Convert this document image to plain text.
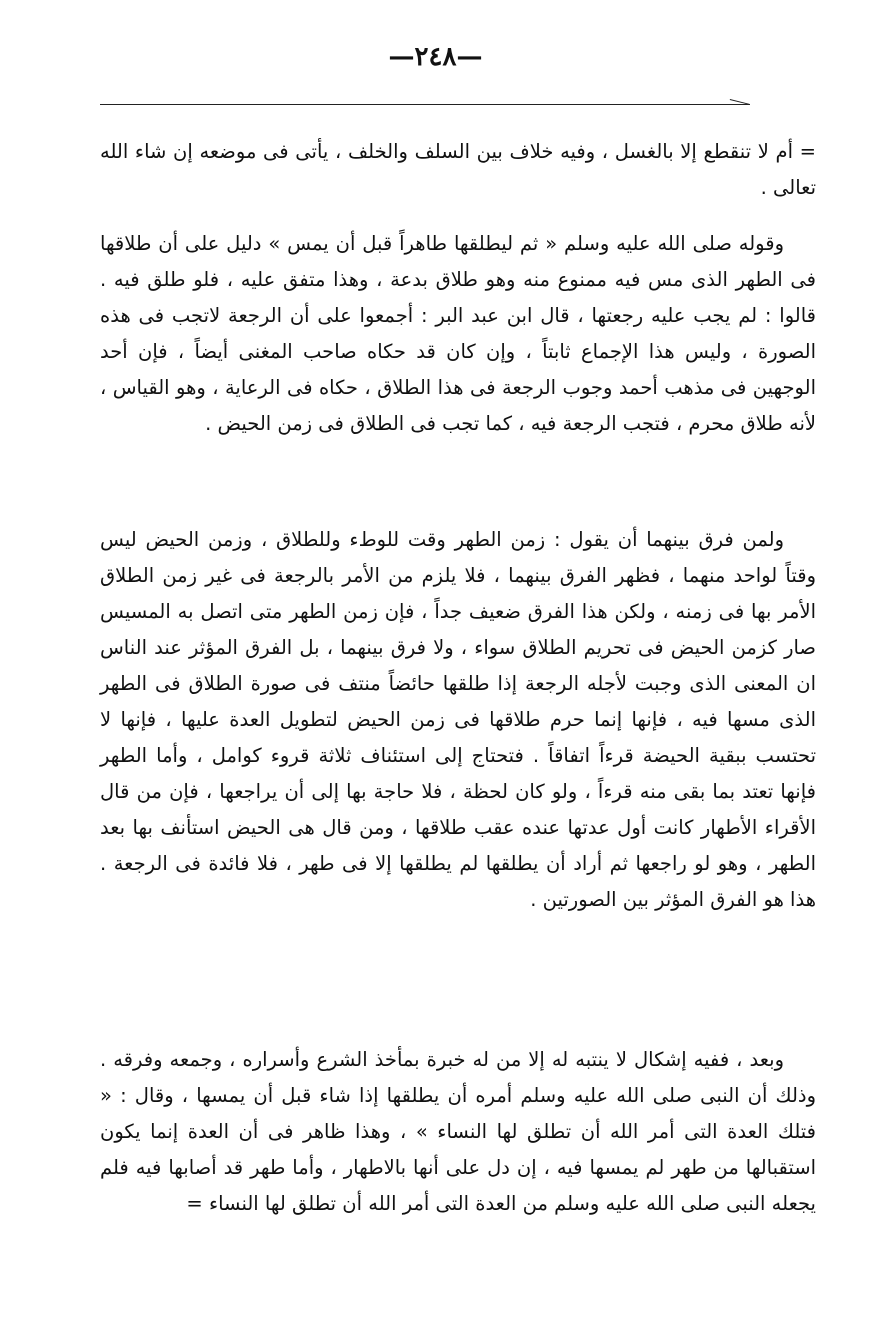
—٢٤٨—

= أم لا تنقطع إلا بالغسل ، وفيه خلاف بين السلف والخلف ، يأتى فى موضعه إن شاء الله تعالى .

وقوله صلى الله عليه وسلم « ثم ليطلقها طاهراً قبل أن يمس » دليل على أن طلاقها فى الطهر الذى مس فيه ممنوع منه وهو طلاق بدعة ، وهذا متفق عليه ، فلو طلق فيه . قالوا : لم يجب عليه رجعتها ، قال ابن عبد البر : أجمعوا على أن الرجعة لاتجب فى هذه الصورة ، وليس هذا الإجماع ثابتاً ، وإن كان قد حكاه صاحب المغنى أيضاً ، فإن أحد الوجهين فى مذهب أحمد وجوب الرجعة فى هذا الطلاق ، حكاه فى الرعاية ، وهو القياس ، لأنه طلاق محرم ، فتجب الرجعة فيه ، كما تجب فى الطلاق فى زمن الحيض .

ولمن فرق بينهما أن يقول : زمن الطهر وقت للوطء وللطلاق ، وزمن الحيض ليس وقتاً لواحد منهما ، فظهر الفرق بينهما ، فلا يلزم من الأمر بالرجعة فى غير زمن الطلاق الأمر بها فى زمنه ، ولكن هذا الفرق ضعيف جداً ، فإن زمن الطهر متى اتصل به المسيس صار كزمن الحيض فى تحريم الطلاق سواء ، ولا فرق بينهما ، بل الفرق المؤثر عند الناس ان المعنى الذى وجبت لأجله الرجعة إذا طلقها حائضاً منتف فى صورة الطلاق فى الطهر الذى مسها فيه ، فإنها إنما حرم طلاقها فى زمن الحيض لتطويل العدة عليها ، فإنها لا تحتسب ببقية الحيضة قرءاً اتفاقاً . فتحتاج إلى استئناف ثلاثة قروء كوامل ، وأما الطهر فإنها تعتد بما بقى منه قرءاً ، ولو كان لحظة ، فلا حاجة بها إلى أن يراجعها ، فإن من قال الأقراء الأطهار كانت أول عدتها عنده عقب طلاقها ، ومن قال هى الحيض استأنف بها بعد الطهر ، وهو لو راجعها ثم أراد أن يطلقها لم يطلقها إلا فى طهر ، فلا فائدة فى الرجعة . هذا هو الفرق المؤثر بين الصورتين .

وبعد ، ففيه إشكال لا ينتبه له إلا من له خبرة بمأخذ الشرع وأسراره ، وجمعه وفرقه . وذلك أن النبى صلى الله عليه وسلم أمره أن يطلقها إذا شاء قبل أن يمسها ، وقال : « فتلك العدة التى أمر الله أن تطلق لها النساء » ، وهذا ظاهر فى أن العدة إنما يكون استقبالها من طهر لم يمسها فيه ، إن دل على أنها بالاطهار ، وأما طهر قد أصابها فيه فلم يجعله النبى صلى الله عليه وسلم من العدة التى أمر الله أن تطلق لها النساء =
